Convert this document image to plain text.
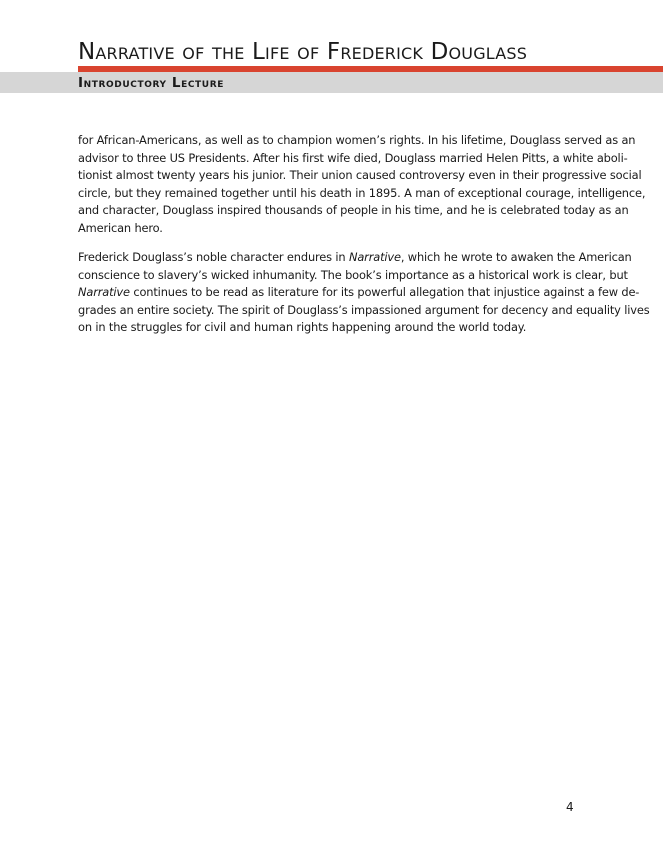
Narrative of the Life of Frederick Douglass
Introductory Lecture

for African-Americans, as well as to champion women’s rights. In his lifetime, Douglass served as an
advisor to three US Presidents. After his first wife died, Douglass married Helen Pitts, a white aboli-
tionist almost twenty years his junior. Their union caused controversy even in their progressive social
circle, but they remained together until his death in 1895. A man of exceptional courage, intelligence,
and character, Douglass inspired thousands of people in his time, and he is celebrated today as an
American hero.

Frederick Douglass’s noble character endures in Narrative, which he wrote to awaken the American
conscience to slavery’s wicked inhumanity. The book’s importance as a historical work is clear, but
Narrative continues to be read as literature for its powerful allegation that injustice against a few de-
grades an entire society. The spirit of Douglass’s impassioned argument for decency and equality lives
on in the struggles for civil and human rights happening around the world today.

4
